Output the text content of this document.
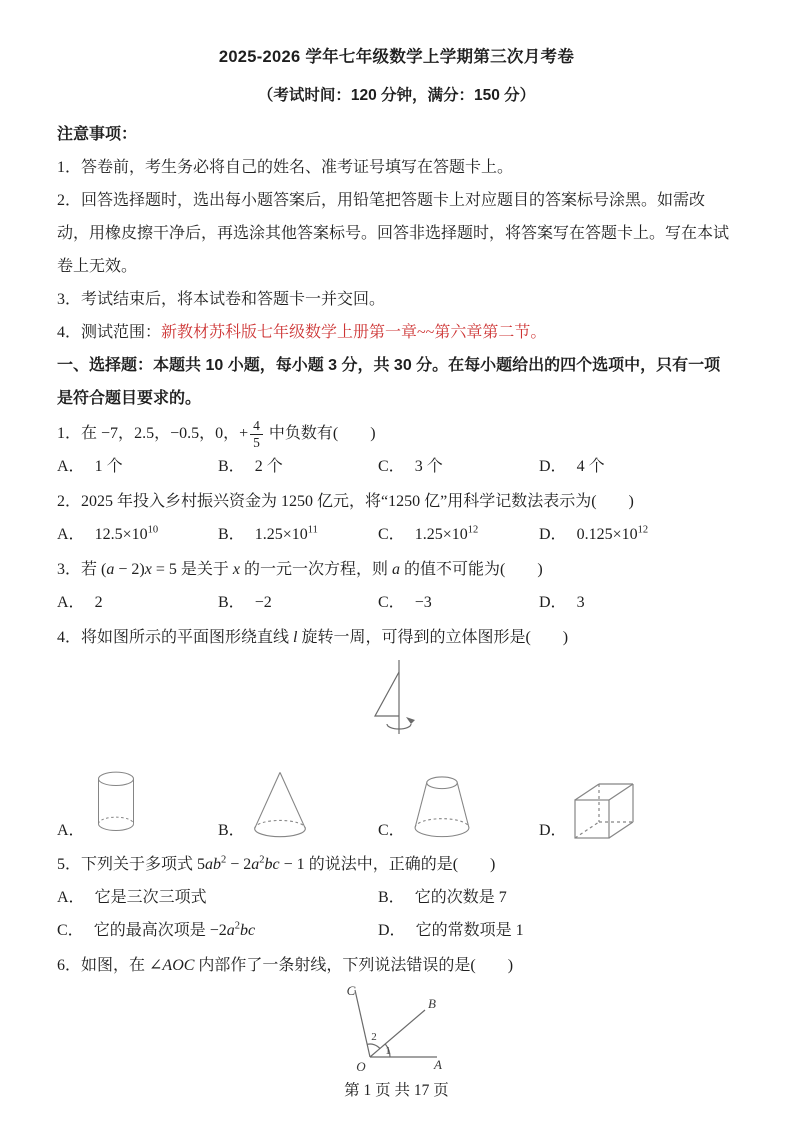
2025-2026 学年七年级数学上学期第三次月考卷
（考试时间：120 分钟，满分：150 分）
注意事项：
1．答卷前，考生务必将自己的姓名、准考证号填写在答题卡上。
2．回答选择题时，选出每小题答案后，用铅笔把答题卡上对应题目的答案标号涂黑。如需改动，用橡皮擦干净后，再选涂其他答案标号。回答非选择题时，将答案写在答题卡上。写在本试卷上无效。
3．考试结束后，将本试卷和答题卡一并交回。
4．测试范围：新教材苏科版七年级数学上册第一章~~第六章第二节。
一、选择题：本题共 10 小题，每小题 3 分，共 30 分。在每小题给出的四个选项中，只有一项是符合题目要求的。
1．在 −7，2.5，−0.5，0，+ $\frac{4}{5}$ 中负数有(　　)
A． 1 个	B． 2 个	C． 3 个	D． 4 个
2．2025 年投入乡村振兴资金为 1250 亿元，将“1250 亿”用科学记数法表示为(　　)
A． $12.5\times 10^{10}$	B． $1.25\times 10^{11}$	C． $1.25\times 10^{12}$	D． $0.125\times 10^{12}$
3．若 (a − 2)x = 5 是关于 x 的一元一次方程，则 a 的值不可能为(　　)
A． 2	B． −2	C． −3	D． 3
4．将如图所示的平面图形绕直线 l 旋转一周，可得到的立体图形是(　　)
A．	B．	C．	D．
5．下列关于多项式 $5ab^2 - 2a^2bc - 1$ 的说法中，正确的是(　　)
A． 它是三次三项式	B． 它的次数是 7
C． 它的最高次项是 $-2a^2bc$	D． 它的常数项是 1
6．如图，在 ∠AOC 内部作了一条射线，下列说法错误的是(　　)
O	A
B
C
1
2
第 1 页 共 17 页
